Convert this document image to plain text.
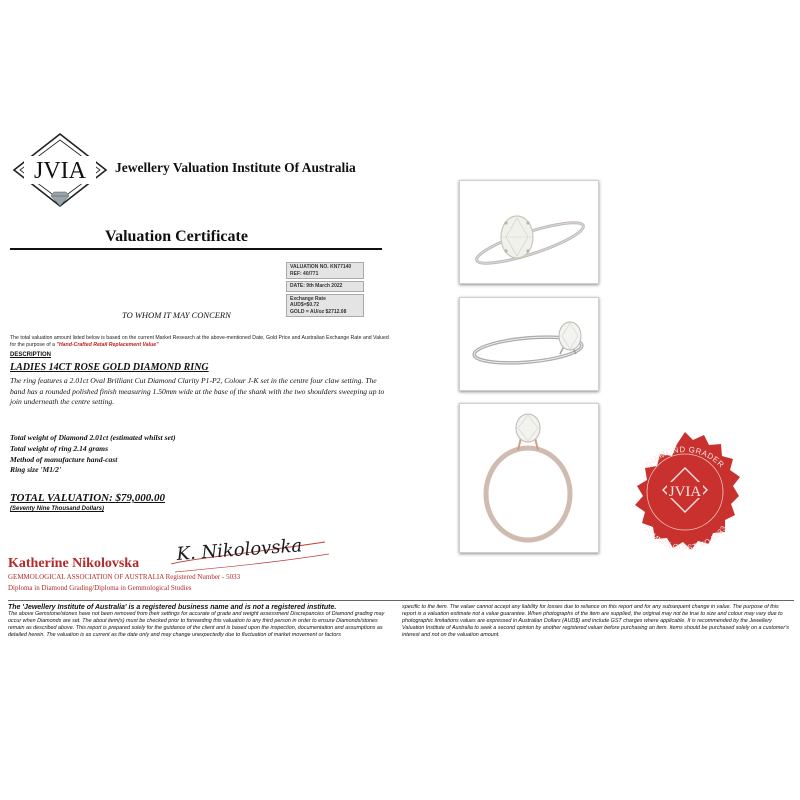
JVIA Jewellery Valuation Institute Of Australia
Valuation Certificate
VALUATION NO. KN77140
REF: 40/771
DATE: 9th March 2022
Exchange Rate
AUD$=$0.72
GOLD = AU/oz $2712.08
TO WHOM IT MAY CONCERN
The total valuation amount listed below is based on the current Market Research at the above-mentioned Date, Gold Price and Australian Exchange Rate and Valued for the purpose of a "Hand-Crafted Retail Replacement Value"
DESCRIPTION
LADIES 14CT ROSE GOLD DIAMOND RING
The ring features a 2.01ct Oval Brilliant Cut Diamond Clarity P1-P2, Colour J-K set in the centre four claw setting. The band has a rounded polished finish measuring 1.50mm wide at the base of the shank with the two shoulders sweeping up to join underneath the centre setting.
Total weight of Diamond 2.01ct (estimated whilst set)
Total weight of ring 2.14 grams
Method of manufacture hand-cast
Ring size 'M1/2'
TOTAL VALUATION: $79,000.00
(Seventy Nine Thousand Dollars)
K. Nikolovska
Katherine Nikolovska
GEMMOLOGICAL ASSOCIATION OF AUSTRALIA Registered Number - 5033
Diploma in Diamond Grading/Diploma in Gemmological Studies
DIAMOND GRADER
GEMMOLOGIST NO 5033
JVIA
The 'Jewellery Institute of Australia' is a registered business name and is not a registered institute.
The above Gemstone/stones have not been removed from their settings for accurate of grade and weight assessment Discrepancies of Diamond grading may occur when Diamonds are set. The about item(s) must be checked prior to forwarding this valuation to any third person in order to ensure Diamonds/stones remain as described above. This report is prepared solely for the guidance of the client and is based upon the inspection, documentation and assumptions as detailed herein. The valuation is as current as the date only and may change unexpectedly due to fluctuation of market movement or factors
specific to the item. The valuer cannot accept any liability for losses due to reliance on this report and for any subsequent change in value. The purpose of this report is a valuation estimate not a value guarantee. When photographs of the item are supplied, the original may not be true to size and colour may vary due to photographic limitations values are expressed in Australian Dollars (AUD$) and include GST charges where applicable. It is recommended by the Jewellery Valuation Institute of Australia to seek a second opinion by another registered valuer before purchasing an item. Items should be purchased solely on a customer's interest and not on the valuation amount.
